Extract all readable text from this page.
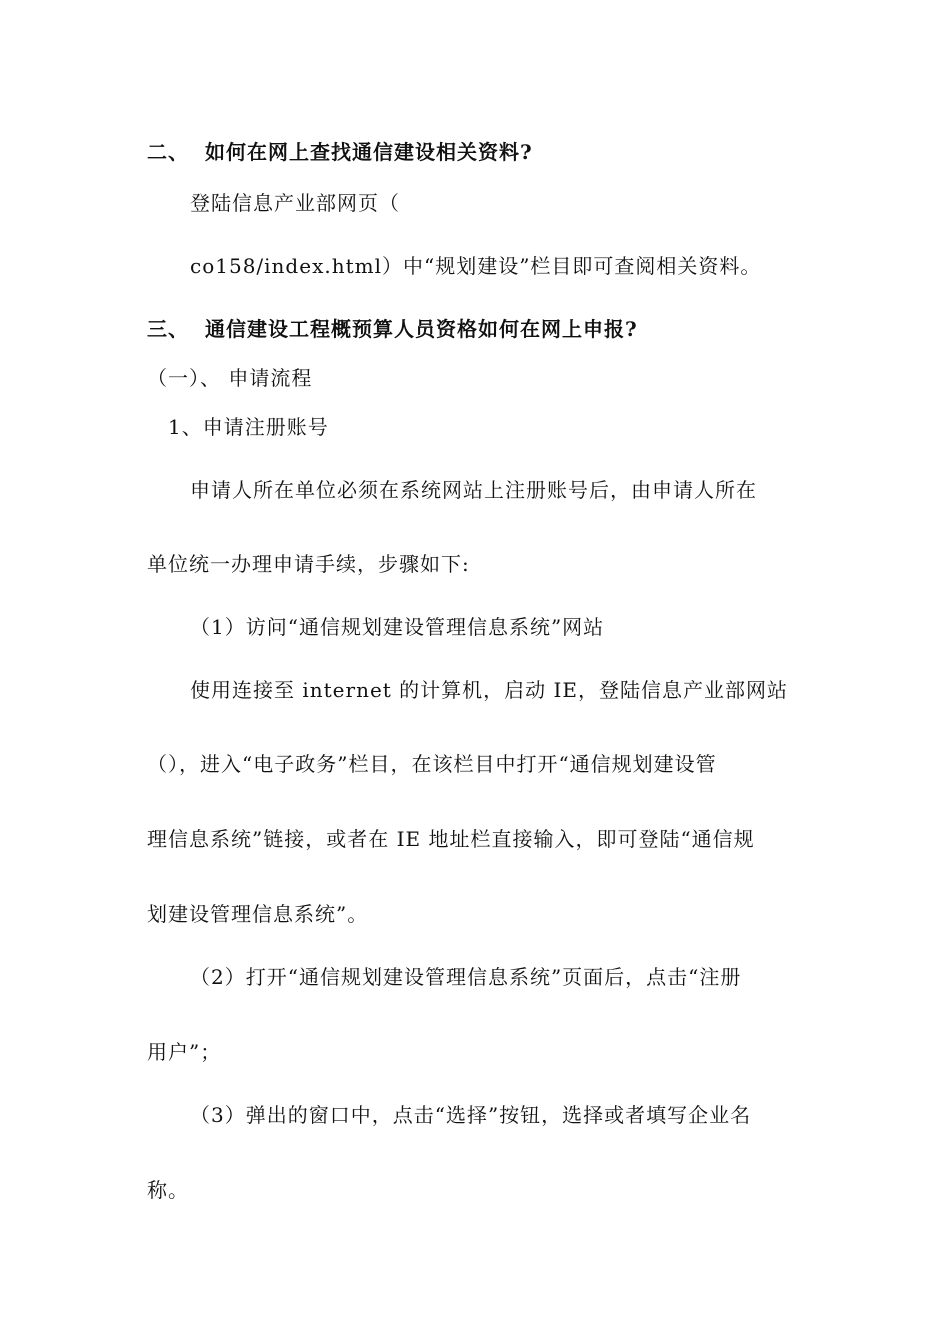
二、 如何在网上查找通信建设相关资料?
登陆信息产业部网页（
co158/index.html）中“规划建设”栏目即可查阅相关资料。
三、 通信建设工程概预算人员资格如何在网上申报?
（一）、 申请流程
1、申请注册账号
申请人所在单位必须在系统网站上注册账号后，由申请人所在
单位统一办理申请手续，步骤如下:
（1）访问“通信规划建设管理信息系统”网站
使用连接至 internet 的计算机，启动 IE，登陆信息产业部网站
（），进入“电子政务”栏目，在该栏目中打开“通信规划建设管
理信息系统”链接，或者在 IE 地址栏直接输入，即可登陆“通信规
划建设管理信息系统”。
（2）打开“通信规划建设管理信息系统”页面后，点击“注册
用户”；
（3）弹出的窗口中，点击“选择”按钮，选择或者填写企业名
称。
